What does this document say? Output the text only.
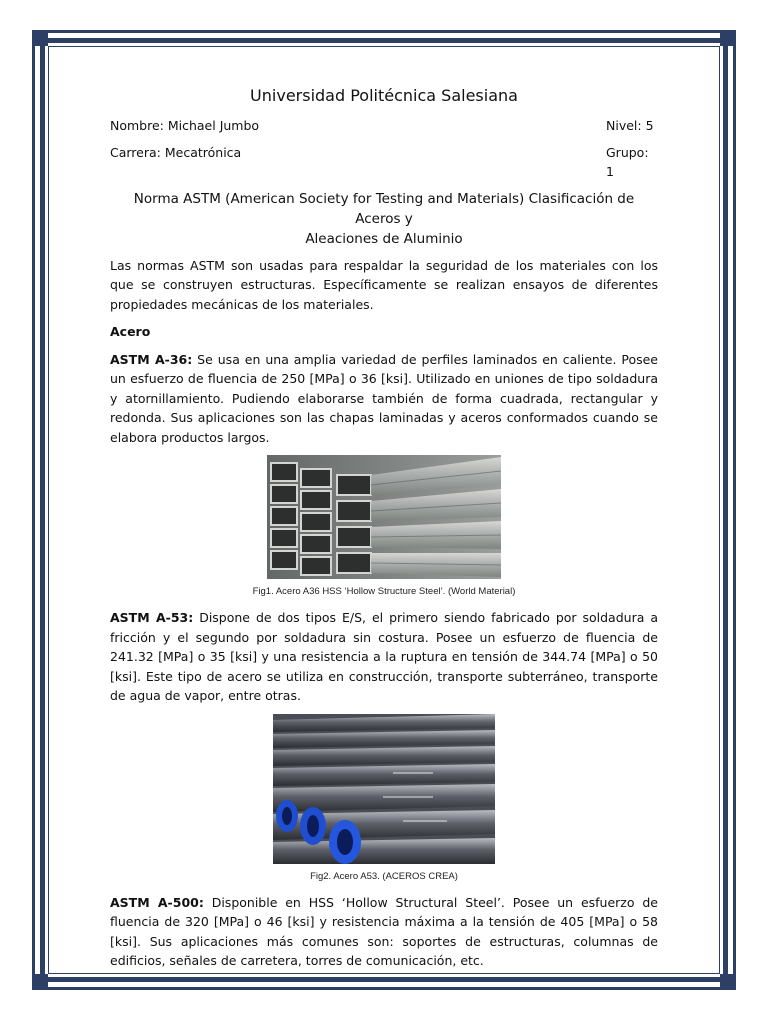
Universidad Politécnica Salesiana
Nombre: Michael Jumbo	Nivel: 5
Carrera: Mecatrónica	Grupo: 1
Norma ASTM (American Society for Testing and Materials) Clasificación de Aceros y
Aleaciones de Aluminio

Las normas ASTM son usadas para respaldar la seguridad de los materiales con los que se construyen estructuras. Específicamente se realizan ensayos de diferentes propiedades mecánicas de los materiales.

Acero

ASTM A-36: Se usa en una amplia variedad de perfiles laminados en caliente. Posee un esfuerzo de fluencia de 250 [MPa] o 36 [ksi]. Utilizado en uniones de tipo soldadura y atornillamiento. Pudiendo elaborarse también de forma cuadrada, rectangular y redonda. Sus aplicaciones son las chapas laminadas y aceros conformados cuando se elabora productos largos.

Fig1. Acero A36 HSS ‘Hollow Structure Steel’. (World Material)

ASTM A-53: Dispone de dos tipos E/S, el primero siendo fabricado por soldadura a fricción y el segundo por soldadura sin costura. Posee un esfuerzo de fluencia de 241.32 [MPa] o 35 [ksi] y una resistencia a la ruptura en tensión de 344.74 [MPa] o 50 [ksi]. Este tipo de acero se utiliza en construcción, transporte subterráneo, transporte de agua de vapor, entre otras.

Fig2. Acero A53. (ACEROS CREA)

ASTM A-500: Disponible en HSS ‘Hollow Structural Steel’. Posee un esfuerzo de fluencia de 320 [MPa] o 46 [ksi] y resistencia máxima a la tensión de 405 [MPa] o 58 [ksi]. Sus aplicaciones más comunes son: soportes de estructuras, columnas de edificios, señales de carretera, torres de comunicación, etc.
